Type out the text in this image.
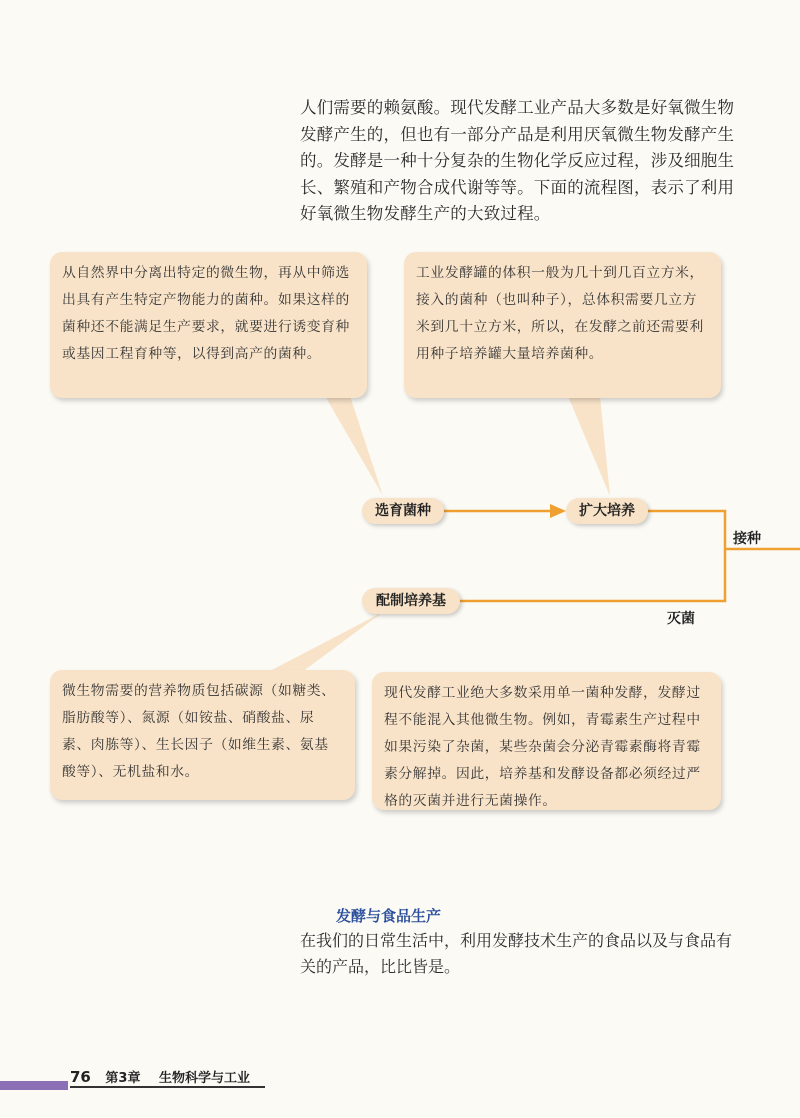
人们需要的赖氨酸。现代发酵工业产品大多数是好氧微生物发酵产生的，但也有一部分产品是利用厌氧微生物发酵产生的。发酵是一种十分复杂的生物化学反应过程，涉及细胞生长、繁殖和产物合成代谢等等。下面的流程图，表示了利用好氧微生物发酵生产的大致过程。

从自然界中分离出特定的微生物，再从中筛选出具有产生特定产物能力的菌种。如果这样的菌种还不能满足生产要求，就要进行诱变育种或基因工程育种等，以得到高产的菌种。
工业发酵罐的体积一般为几十到几百立方米，接入的菌种（也叫种子），总体积需要几立方米到几十立方米，所以，在发酵之前还需要利用种子培养罐大量培养菌种。
微生物需要的营养物质包括碳源（如糖类、脂肪酸等）、氮源（如铵盐、硝酸盐、尿素、肉胨等）、生长因子（如维生素、氨基酸等）、无机盐和水。
现代发酵工业绝大多数采用单一菌种发酵，发酵过程不能混入其他微生物。例如，青霉素生产过程中如果污染了杂菌，某些杂菌会分泌青霉素酶将青霉素分解掉。因此，培养基和发酵设备都必须经过严格的灭菌并进行无菌操作。
选育菌种	扩大培养
配制培养基
接种
灭菌
发酵与食品生产

在我们的日常生活中，利用发酵技术生产的食品以及与食品有关的产品，比比皆是。

76 第3章 生物科学与工业
